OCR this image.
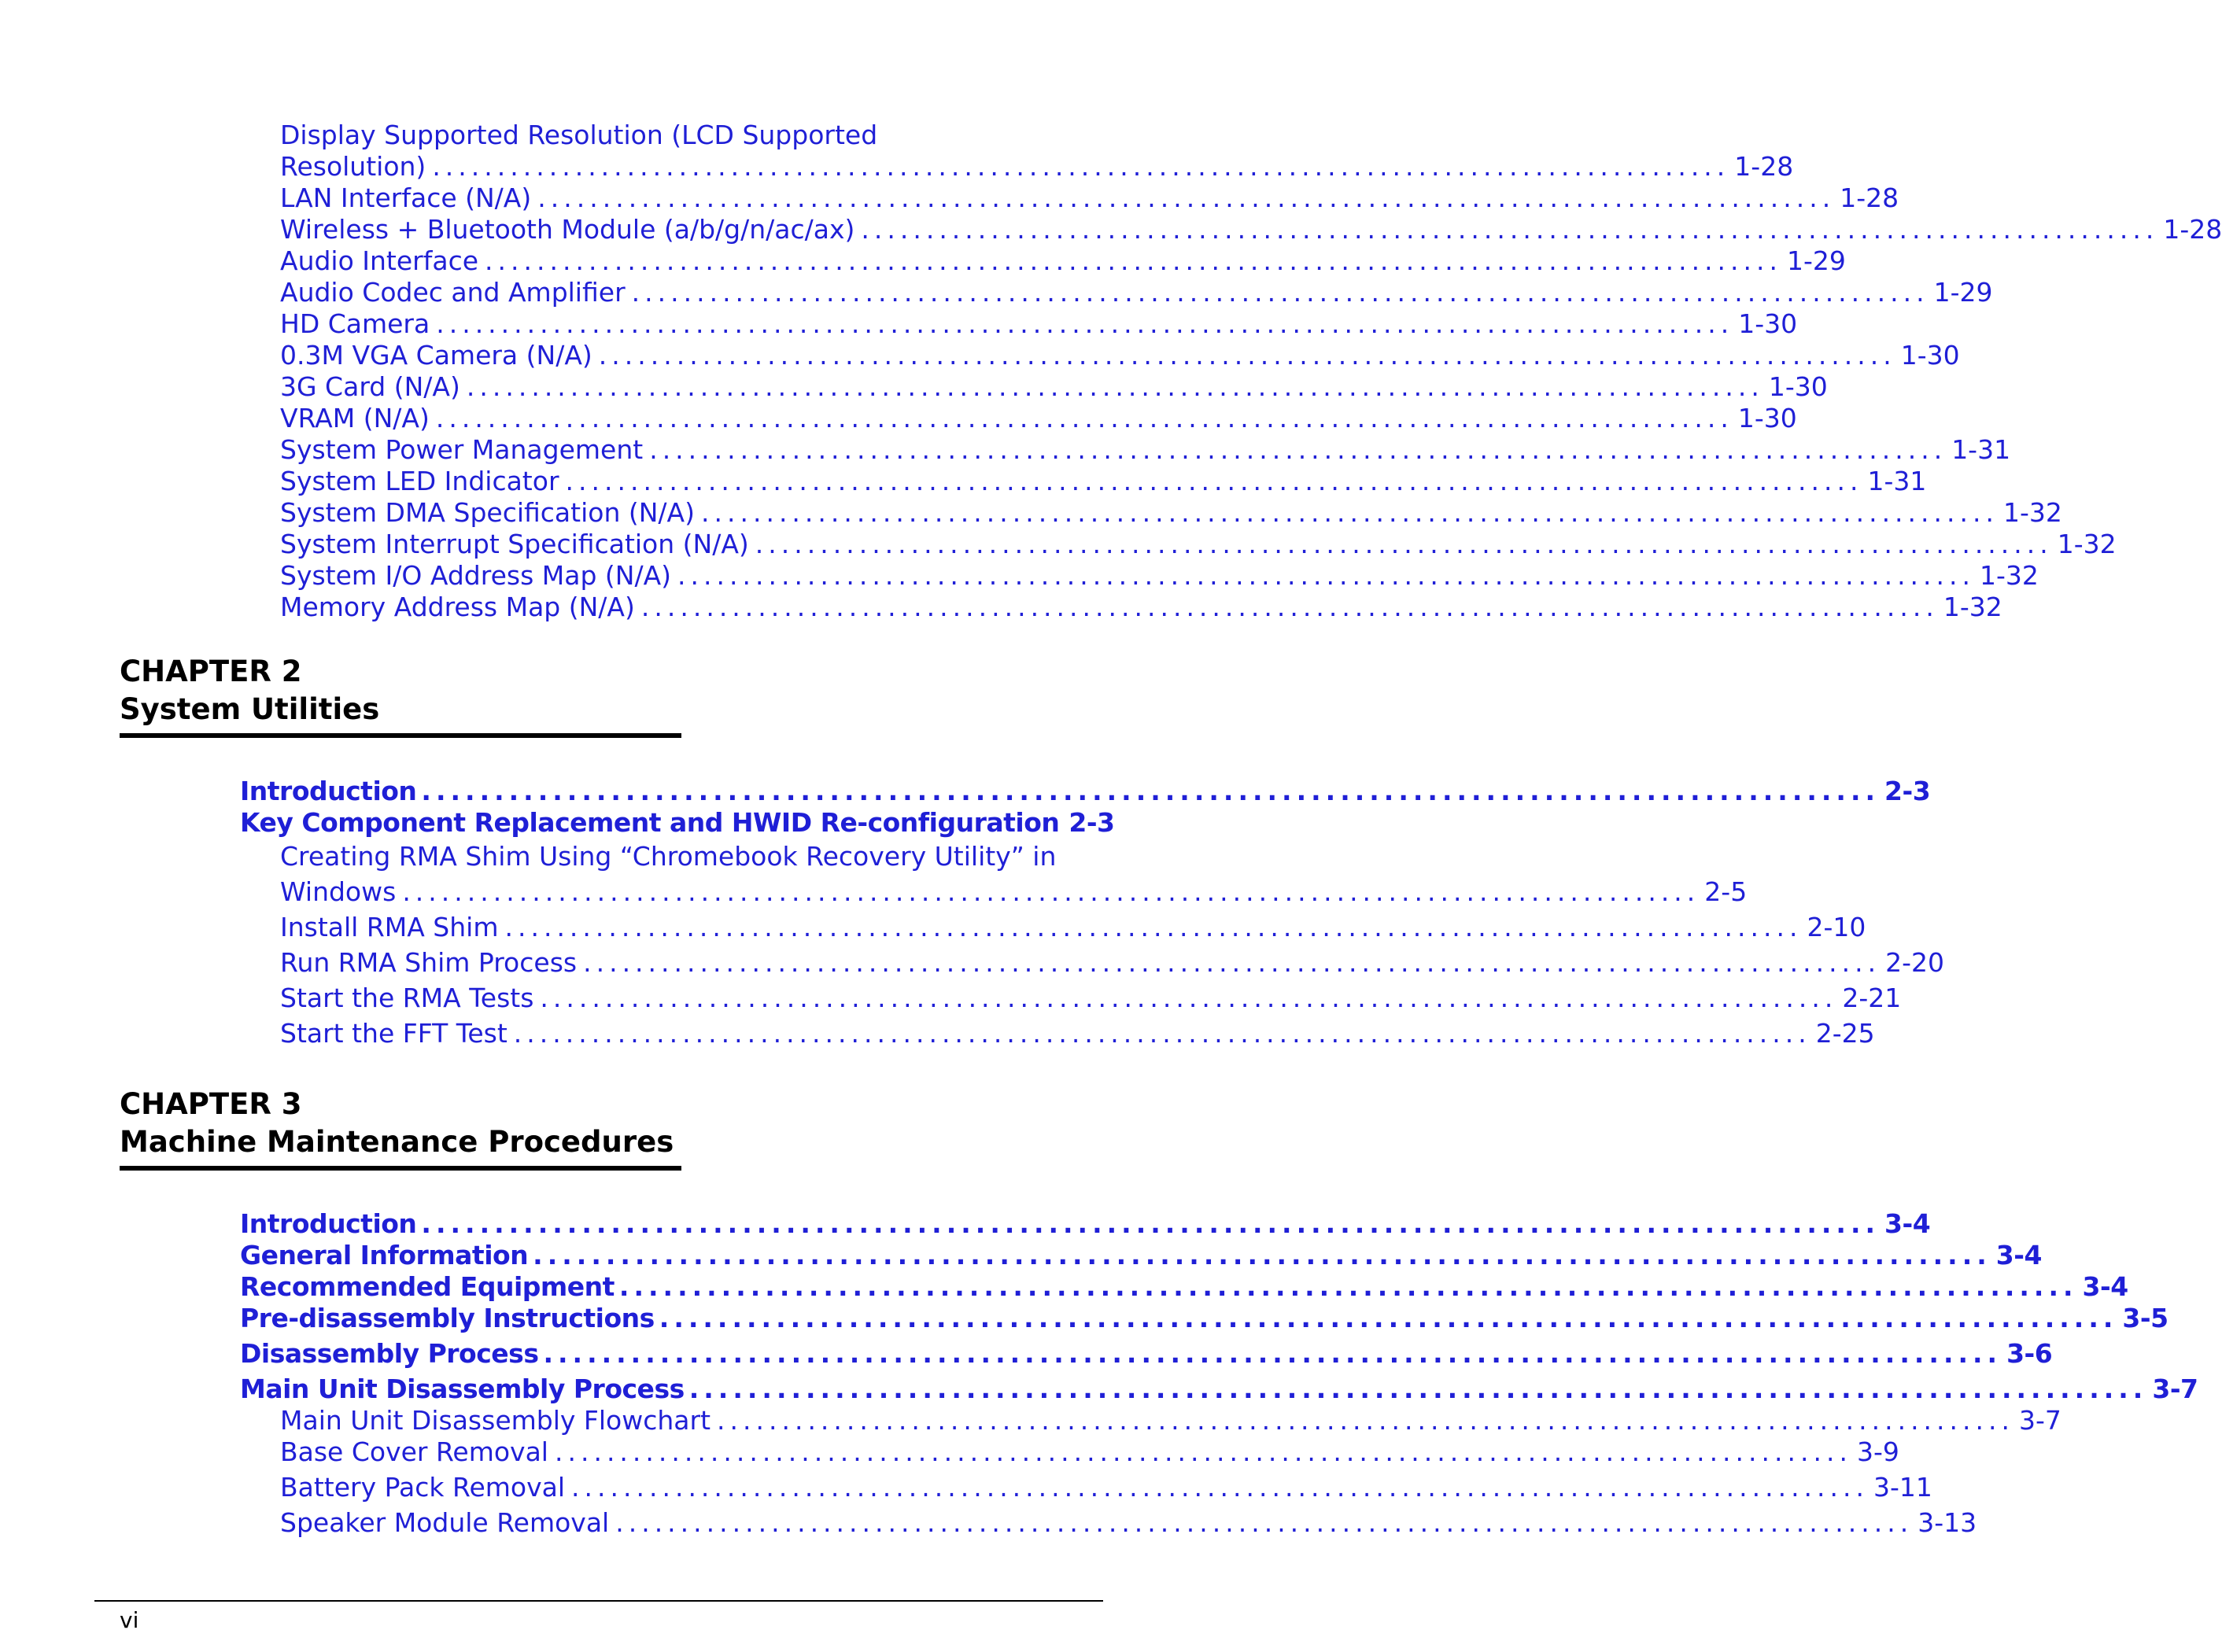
Display Supported Resolution (LCD Supported
Resolution) .................................................................................................... 1-28
LAN Interface (N/A) .................................................................................................... 1-28
Wireless + Bluetooth Module (a/b/g/n/ac/ax) .................................................................................................... 1-28
Audio Interface .................................................................................................... 1-29
Audio Codec and Amplifier .................................................................................................... 1-29
HD Camera .................................................................................................... 1-30
0.3M VGA Camera (N/A) .................................................................................................... 1-30
3G Card (N/A) .................................................................................................... 1-30
VRAM (N/A) .................................................................................................... 1-30
System Power Management .................................................................................................... 1-31
System LED Indicator .................................................................................................... 1-31
System DMA Specification (N/A) .................................................................................................... 1-32
System Interrupt Specification (N/A) .................................................................................................... 1-32
System I/O Address Map (N/A) .................................................................................................... 1-32
Memory Address Map (N/A) .................................................................................................... 1-32
CHAPTER 2
System Utilities
Introduction .................................................................................................... 2-3
Key Component Replacement and HWID Re-configuration 2-3
Creating RMA Shim Using “Chromebook Recovery Utility” in
Windows .................................................................................................... 2-5
Install RMA Shim .................................................................................................... 2-10
Run RMA Shim Process .................................................................................................... 2-20
Start the RMA Tests .................................................................................................... 2-21
Start the FFT Test .................................................................................................... 2-25
CHAPTER 3
Machine Maintenance Procedures
Introduction .................................................................................................... 3-4
General Information .................................................................................................... 3-4
Recommended Equipment .................................................................................................... 3-4
Pre-disassembly Instructions .................................................................................................... 3-5
Disassembly Process .................................................................................................... 3-6
Main Unit Disassembly Process .................................................................................................... 3-7
Main Unit Disassembly Flowchart .................................................................................................... 3-7
Base Cover Removal .................................................................................................... 3-9
Battery Pack Removal .................................................................................................... 3-11
Speaker Module Removal .................................................................................................... 3-13
vi
